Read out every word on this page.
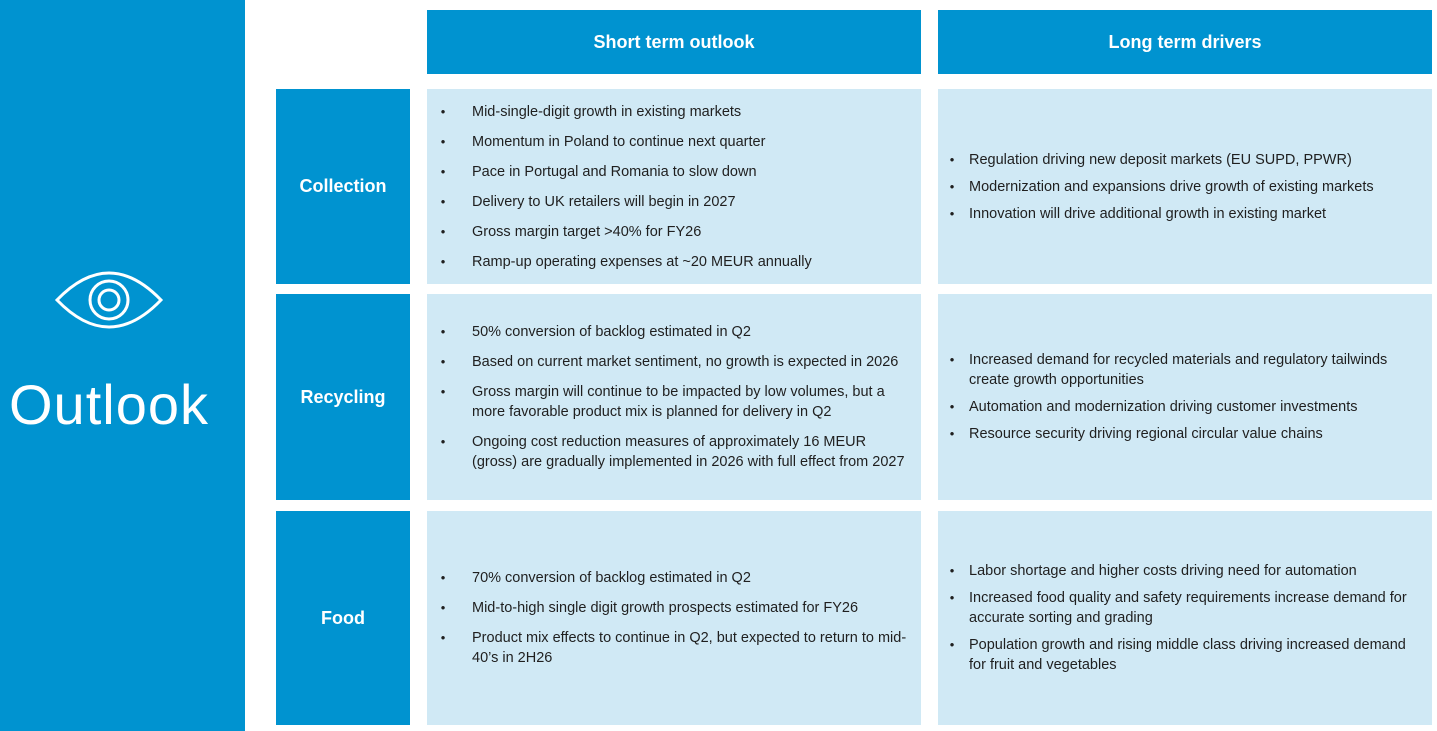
Outlook
Short term outlook	Long term drivers
Collection
• Mid-single-digit growth in existing markets
• Momentum in Poland to continue next quarter
• Pace in Portugal and Romania to slow down
• Delivery to UK retailers will begin in 2027
• Gross margin target >40% for FY26
• Ramp-up operating expenses at ~20 MEUR annually
• Regulation driving new deposit markets (EU SUPD, PPWR)
• Modernization and expansions drive growth of existing markets
• Innovation will drive additional growth in existing market
Recycling
• 50% conversion of backlog estimated in Q2
• Based on current market sentiment, no growth is expected in 2026
• Gross margin will continue to be impacted by low volumes, but a more favorable product mix is planned for delivery in Q2
• Ongoing cost reduction measures of approximately 16 MEUR (gross) are gradually implemented in 2026 with full effect from 2027
• Increased demand for recycled materials and regulatory tailwinds create growth opportunities
• Automation and modernization driving customer investments
• Resource security driving regional circular value chains
Food
• 70% conversion of backlog estimated in Q2
• Mid-to-high single digit growth prospects estimated for FY26
• Product mix effects to continue in Q2, but expected to return to mid-40’s in 2H26
• Labor shortage and higher costs driving need for automation
• Increased food quality and safety requirements increase demand for accurate sorting and grading
• Population growth and rising middle class driving increased demand for fruit and vegetables
